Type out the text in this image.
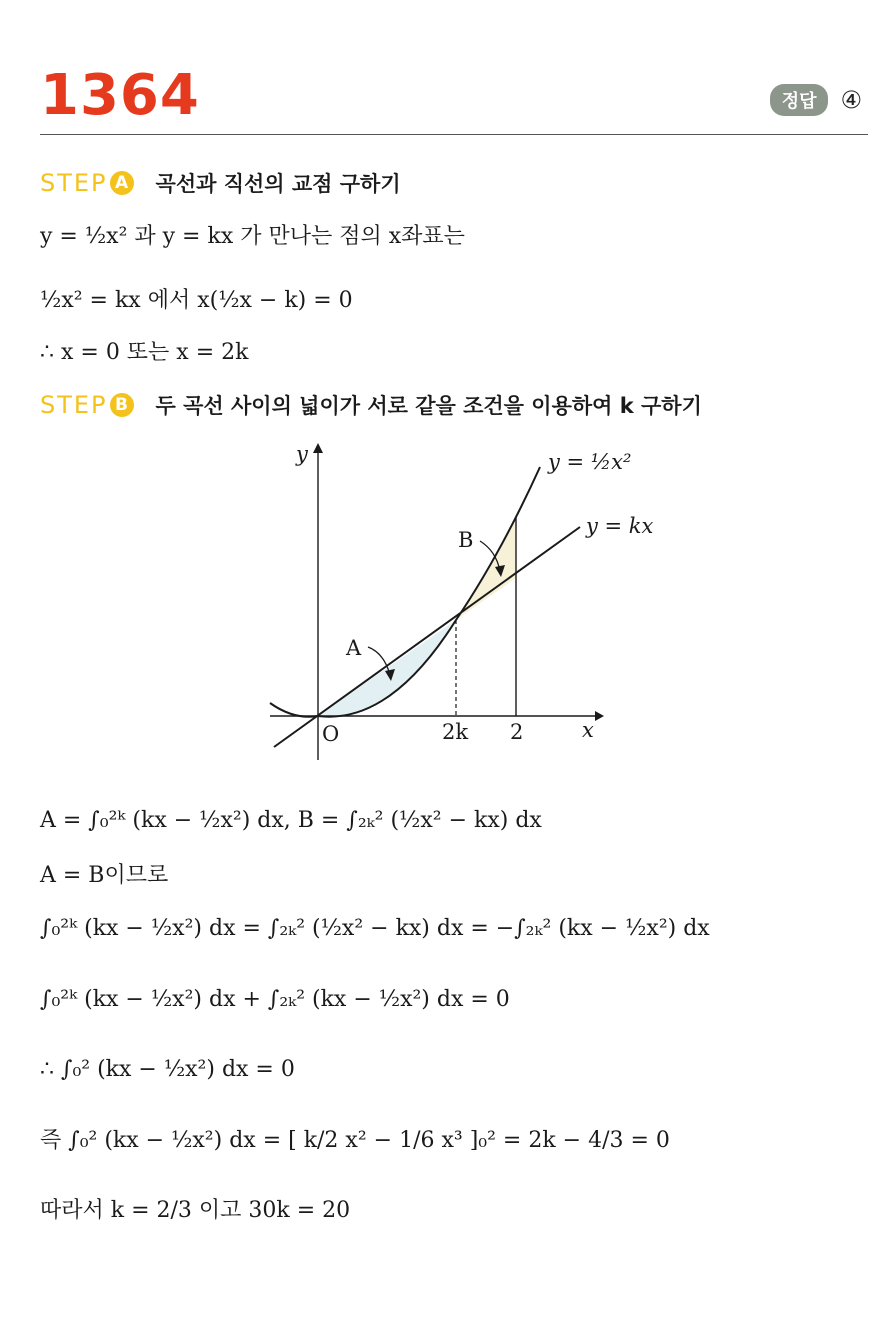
1364	정답	④
STEP A 곡선과 직선의 교점 구하기
y = ½x² 과 y = kx 가 만나는 점의 x좌표는
½x² = kx 에서 x(½x − k) = 0
∴ x = 0 또는 x = 2k
STEP B 두 곡선 사이의 넓이가 서로 같을 조건을 이용하여 k 구하기
y
x
O	2k 2
A
B
y = ½x²
y = kx
A = ∫₀²ᵏ (kx − ½x²) dx, B = ∫₂ₖ² (½x² − kx) dx
A = B이므로
∫₀²ᵏ (kx − ½x²) dx = ∫₂ₖ² (½x² − kx) dx = −∫₂ₖ² (kx − ½x²) dx
∫₀²ᵏ (kx − ½x²) dx + ∫₂ₖ² (kx − ½x²) dx = 0
∴ ∫₀² (kx − ½x²) dx = 0
즉 ∫₀² (kx − ½x²) dx = [ k/2 x² − 1/6 x³ ]₀² = 2k − 4/3 = 0
따라서 k = 2/3 이고 30k = 20
